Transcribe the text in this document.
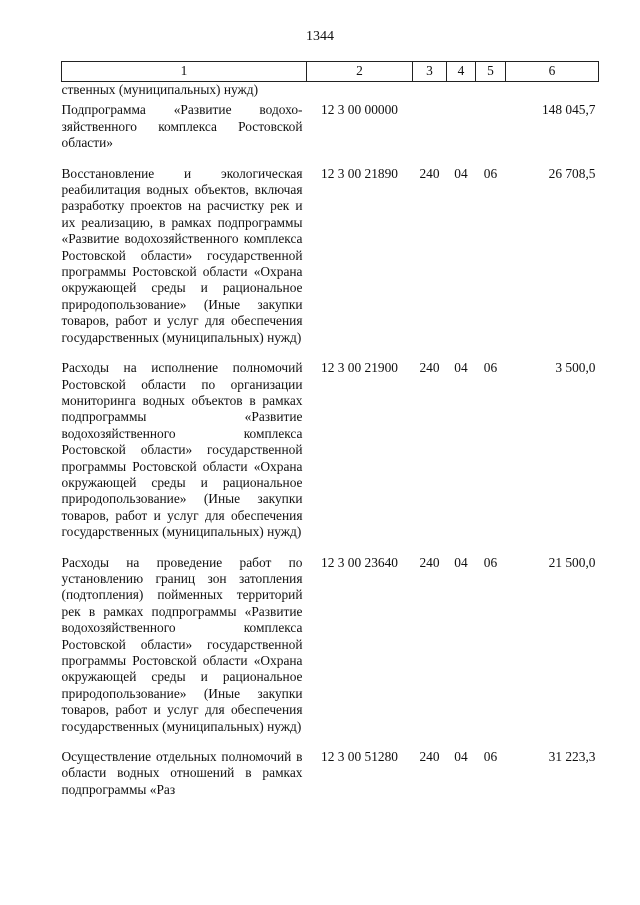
1344
1	2	3	4	5	6
ственных (муниципальных) нужд)					
Подпрограмма «Развитие водохозяйственного комплекса Ростовской области»	12 3 00 00000				148 045,7

Восстановление и экологическая реабилитация водных объектов, включая разработку проектов на расчистку рек и их реализацию, в рамках подпрограммы «Развитие водохозяйственного комплекса Ростовской области» государственной программы Ростовской области «Охрана окружающей среды и рациональное природопользование» (Иные закупки товаров, работ и услуг для обеспечения государственных (муниципальных) нужд)	12 3 00 21890	240	04	06	26 708,5

Расходы на исполнение полномочий Ростовской области по организации мониторинга водных объектов в рамках подпрограммы «Развитие водохозяйственного комплекса Ростовской области» государственной программы Ростовской области «Охрана окружающей среды и рациональное природопользование» (Иные закупки товаров, работ и услуг для обеспечения государственных (муниципальных) нужд)	12 3 00 21900	240	04	06	3 500,0

Расходы на проведение работ по установлению границ зон затопления (подтопления) пойменных территорий рек в рамках подпрограммы «Развитие водохозяйственного комплекса Ростовской области» государственной программы Ростовской области «Охрана окружающей среды и рациональное природопользование» (Иные закупки товаров, работ и услуг для обеспечения государственных (муниципальных) нужд)	12 3 00 23640	240	04	06	21 500,0

Осуществление отдельных полномочий в области водных отношений в рамках подпрограммы «Раз	12 3 00 51280	240	04	06	31 223,3
